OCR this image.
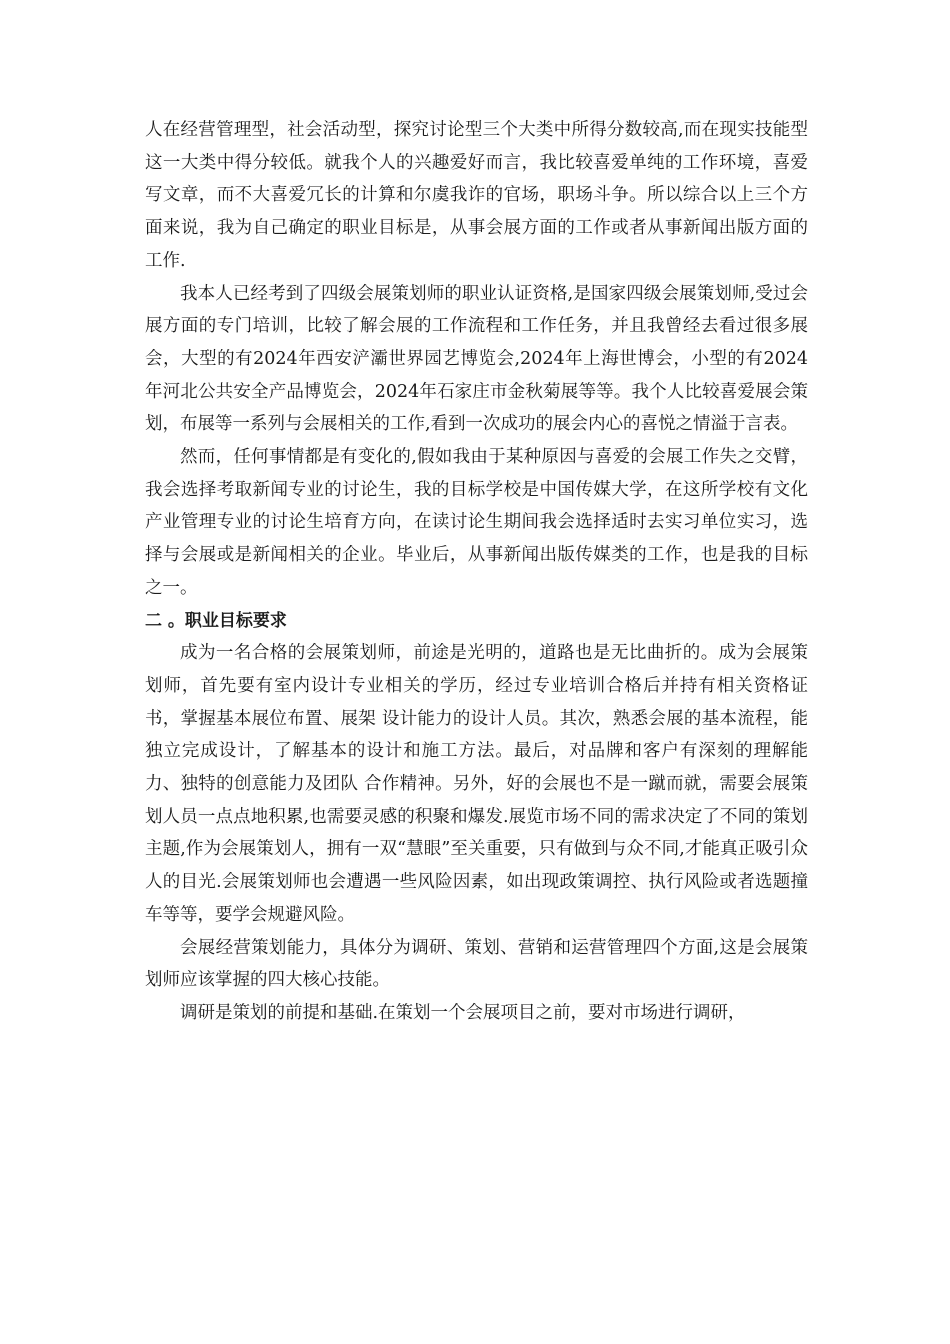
人在经营管理型，社会活动型，探究讨论型三个大类中所得分数较高,而在现实技能型这一大类中得分较低。就我个人的兴趣爱好而言，我比较喜爱单纯的工作环境，喜爱写文章，而不大喜爱冗长的计算和尔虞我诈的官场，职场斗争。所以综合以上三个方面来说，我为自己确定的职业目标是，从事会展方面的工作或者从事新闻出版方面的工作.

我本人已经考到了四级会展策划师的职业认证资格,是国家四级会展策划师,受过会展方面的专门培训，比较了解会展的工作流程和工作任务，并且我曾经去看过很多展会，大型的有2024年西安浐灞世界园艺博览会,2024年上海世博会，小型的有2024年河北公共安全产品博览会，2024年石家庄市金秋菊展等等。我个人比较喜爱展会策划，布展等一系列与会展相关的工作,看到一次成功的展会内心的喜悦之情溢于言表。

然而，任何事情都是有变化的,假如我由于某种原因与喜爱的会展工作失之交臂，我会选择考取新闻专业的讨论生，我的目标学校是中国传媒大学，在这所学校有文化产业管理专业的讨论生培育方向，在读讨论生期间我会选择适时去实习单位实习，选择与会展或是新闻相关的企业。毕业后，从事新闻出版传媒类的工作，也是我的目标之一。

二 。职业目标要求

成为一名合格的会展策划师，前途是光明的，道路也是无比曲折的。成为会展策划师，首先要有室内设计专业相关的学历，经过专业培训合格后并持有相关资格证书，掌握基本展位布置、展架 设计能力的设计人员。其次，熟悉会展的基本流程，能独立完成设计，了解基本的设计和施工方法。最后，对品牌和客户有深刻的理解能力、独特的创意能力及团队 合作精神。另外，好的会展也不是一蹴而就，需要会展策划人员一点点地积累,也需要灵感的积聚和爆发.展览市场不同的需求决定了不同的策划主题,作为会展策划人，拥有一双“慧眼”至关重要，只有做到与众不同,才能真正吸引众人的目光.会展策划师也会遭遇一些风险因素，如出现政策调控、执行风险或者选题撞车等等，要学会规避风险。

会展经营策划能力，具体分为调研、策划、营销和运营管理四个方面,这是会展策划师应该掌握的四大核心技能。

调研是策划的前提和基础.在策划一个会展项目之前，要对市场进行调研，
